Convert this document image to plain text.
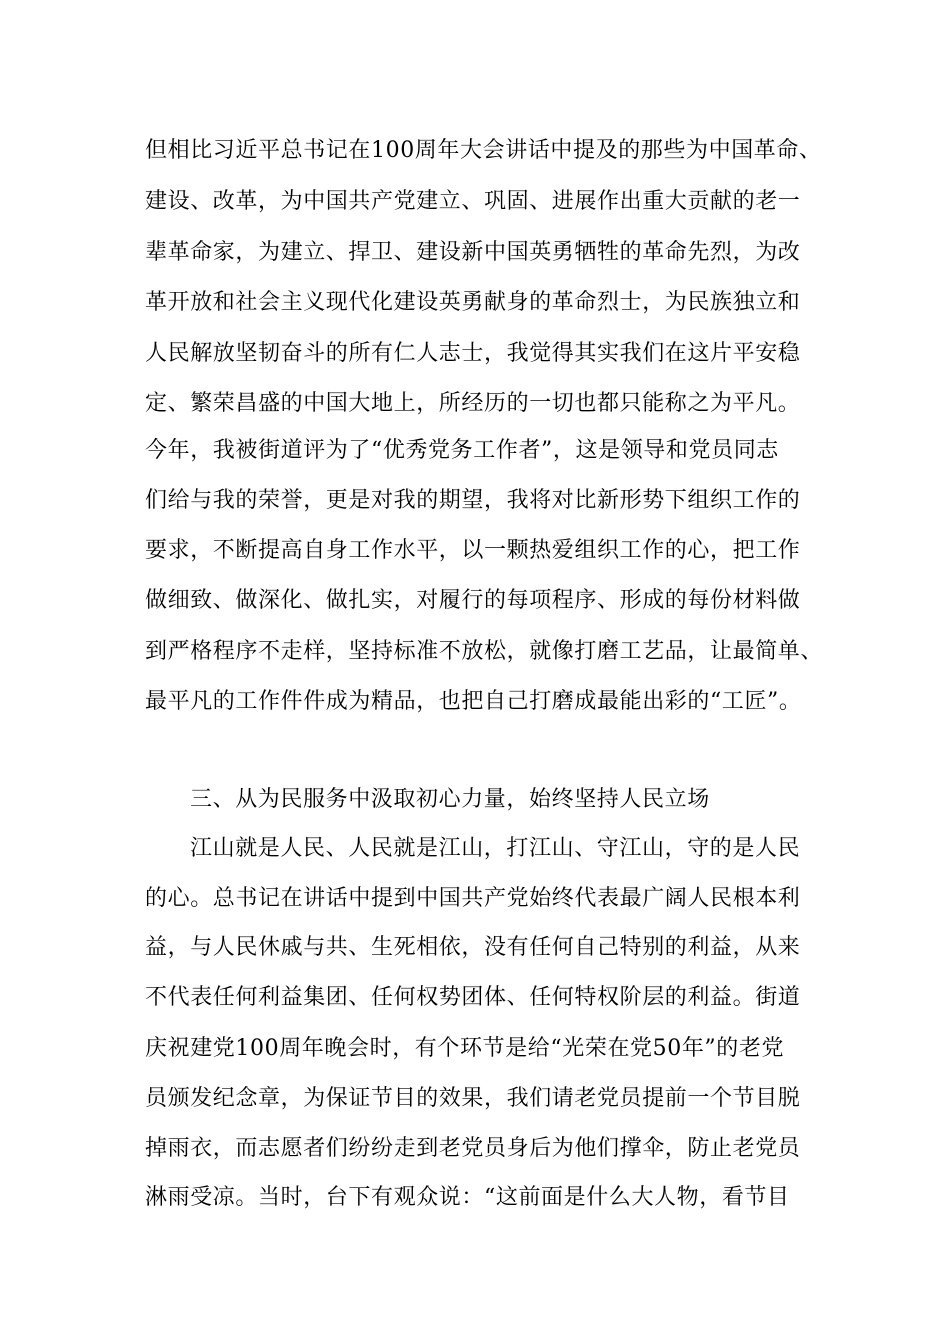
但相比习近平总书记在100周年大会讲话中提及的那些为中国革命、
建设、改革，为中国共产党建立、巩固、进展作出重大贡献的老一
辈革命家，为建立、捍卫、建设新中国英勇牺牲的革命先烈，为改
革开放和社会主义现代化建设英勇献身的革命烈士，为民族独立和
人民解放坚韧奋斗的所有仁人志士，我觉得其实我们在这片平安稳
定、繁荣昌盛的中国大地上，所经历的一切也都只能称之为平凡。
今年，我被街道评为了“优秀党务工作者”，这是领导和党员同志
们给与我的荣誉，更是对我的期望，我将对比新形势下组织工作的
要求，不断提高自身工作水平，以一颗热爱组织工作的心，把工作
做细致、做深化、做扎实，对履行的每项程序、形成的每份材料做
到严格程序不走样，坚持标准不放松，就像打磨工艺品，让最简单、
最平凡的工作件件成为精品，也把自己打磨成最能出彩的“工匠”。
三、从为民服务中汲取初心力量，始终坚持人民立场
江山就是人民、人民就是江山，打江山、守江山，守的是人民
的心。总书记在讲话中提到中国共产党始终代表最广阔人民根本利
益，与人民休戚与共、生死相依，没有任何自己特别的利益，从来
不代表任何利益集团、任何权势团体、任何特权阶层的利益。街道
庆祝建党100周年晚会时，有个环节是给“光荣在党50年”的老党
员颁发纪念章，为保证节目的效果，我们请老党员提前一个节目脱
掉雨衣，而志愿者们纷纷走到老党员身后为他们撑伞，防止老党员
淋雨受凉。当时，台下有观众说：“这前面是什么大人物，看节目
